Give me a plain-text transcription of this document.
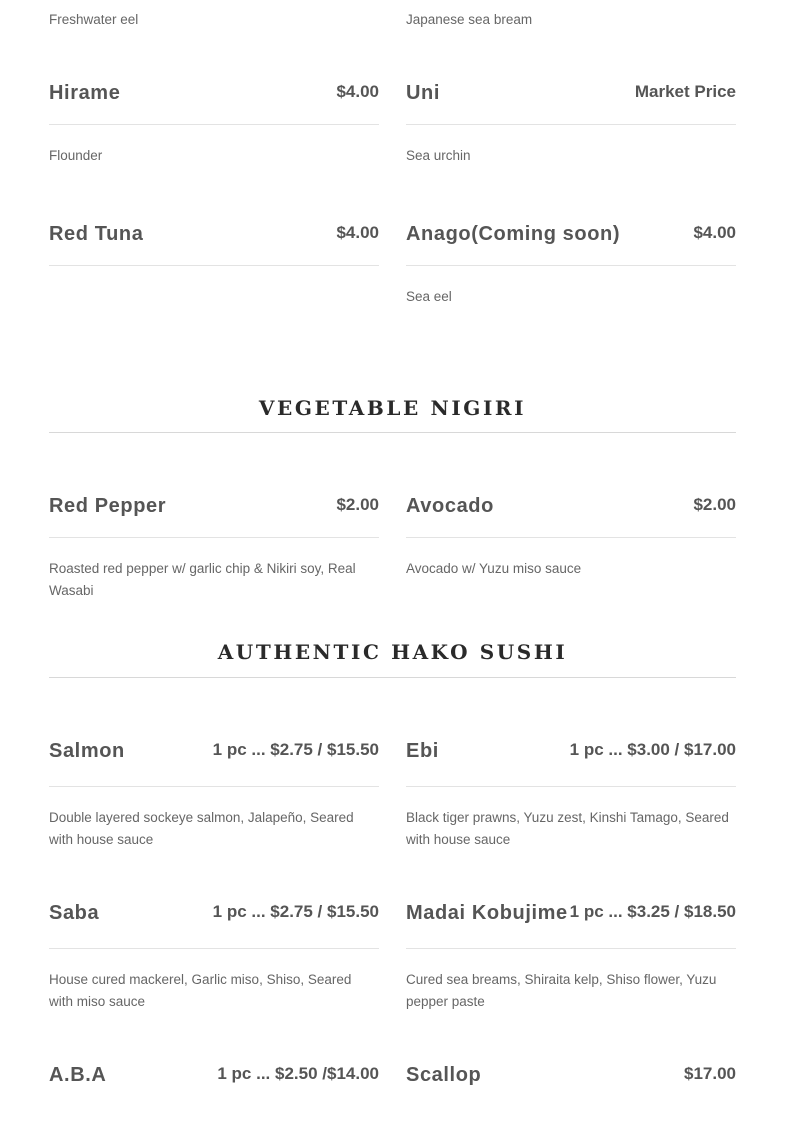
Freshwater eel	Japanese sea bream
Hirame	$4.00
Flounder
Uni	Market Price
Sea urchin
Red Tuna	$4.00 Anago(Coming soon)	$4.00
Sea eel
VEGETABLE NIGIRI
Red Pepper	$2.00
Roasted red pepper w/ garlic chip & Nikiri soy, Real Wasabi
Avocado	$2.00
Avocado w/ Yuzu miso sauce
AUTHENTIC HAKO SUSHI
Salmon	1 pc ... $2.75 / $15.50
Double layered sockeye salmon, Jalapeño, Seared with house sauce
Ebi	1 pc ... $3.00 / $17.00
Black tiger prawns, Yuzu zest, Kinshi Tamago, Seared with house sauce
Saba	1 pc ... $2.75 / $15.50
House cured mackerel, Garlic miso, Shiso, Seared with miso sauce
Madai Kobujime 1 pc ... $3.25 / $18.50
Cured sea breams, Shiraita kelp, Shiso flower, Yuzu pepper paste
A.B.A	1 pc ... $2.50 /$14.00 Scallop	$17.00
